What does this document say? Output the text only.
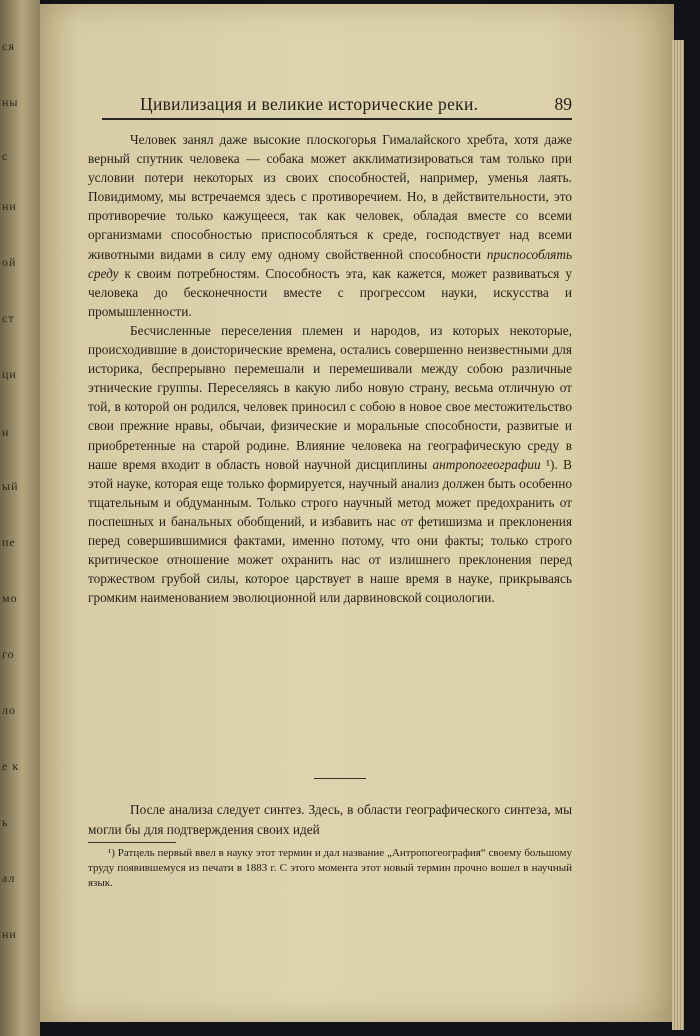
ся
ны
с
ни
ой
ст
ци
н
ый
пе
мо
го
ло
е к
ь
ал
ни
Цивилизация и великие исторические реки.	89

Человек занял даже высокие плоскогорья Гималайского хребта, хотя даже верный спутник человека — собака может акклиматизироваться там только при условии потери некоторых из своих способностей, например, уменья лаять. Повидимому, мы встречаемся здесь с противоречием. Но, в действительности, это противоречие только кажущееся, так как человек, обладая вместе со всеми организмами способностью приспособляться к среде, господствует над всеми животными видами в силу ему одному свойственной способности приспособлять среду к своим потребностям. Способность эта, как кажется, может развиваться у человека до бесконечности вместе с прогрессом науки, искусства и промышленности.

Бесчисленные переселения племен и народов, из которых некоторые, происходившие в доисторические времена, остались совершенно неизвестными для историка, беспрерывно перемешали и перемешивали между собою различные этнические группы. Переселяясь в какую либо новую страну, весьма отличную от той, в которой он родился, человек приносил с собою в новое свое местожительство свои прежние нравы, обычаи, физические и моральные способности, развитые и приобретенные на старой родине. Влияние человека на географическую среду в наше время входит в область новой научной дисциплины антропогеографии ¹). В этой науке, которая еще только формируется, научный анализ должен быть особенно тщательным и обдуманным. Только строго научный метод может предохранить от поспешных и банальных обобщений, и избавить нас от фетишизма и преклонения перед совершившимися фактами, именно потому, что они факты; только строго критическое отношение может охранить нас от излишнего преклонения перед торжеством грубой силы, которое царствует в наше время в науке, прикрываясь громким наименованием эволюционной или дарвиновской социологии.

После анализа следует синтез. Здесь, в области географического синтеза, мы могли бы для подтверждения своих идей

¹) Ратцель первый ввел в науку этот термин и дал название „Антропогеография“ своему большому труду появившемуся из печати в 1883 г. С этого момента этот новый термин прочно вошел в научный язык.
